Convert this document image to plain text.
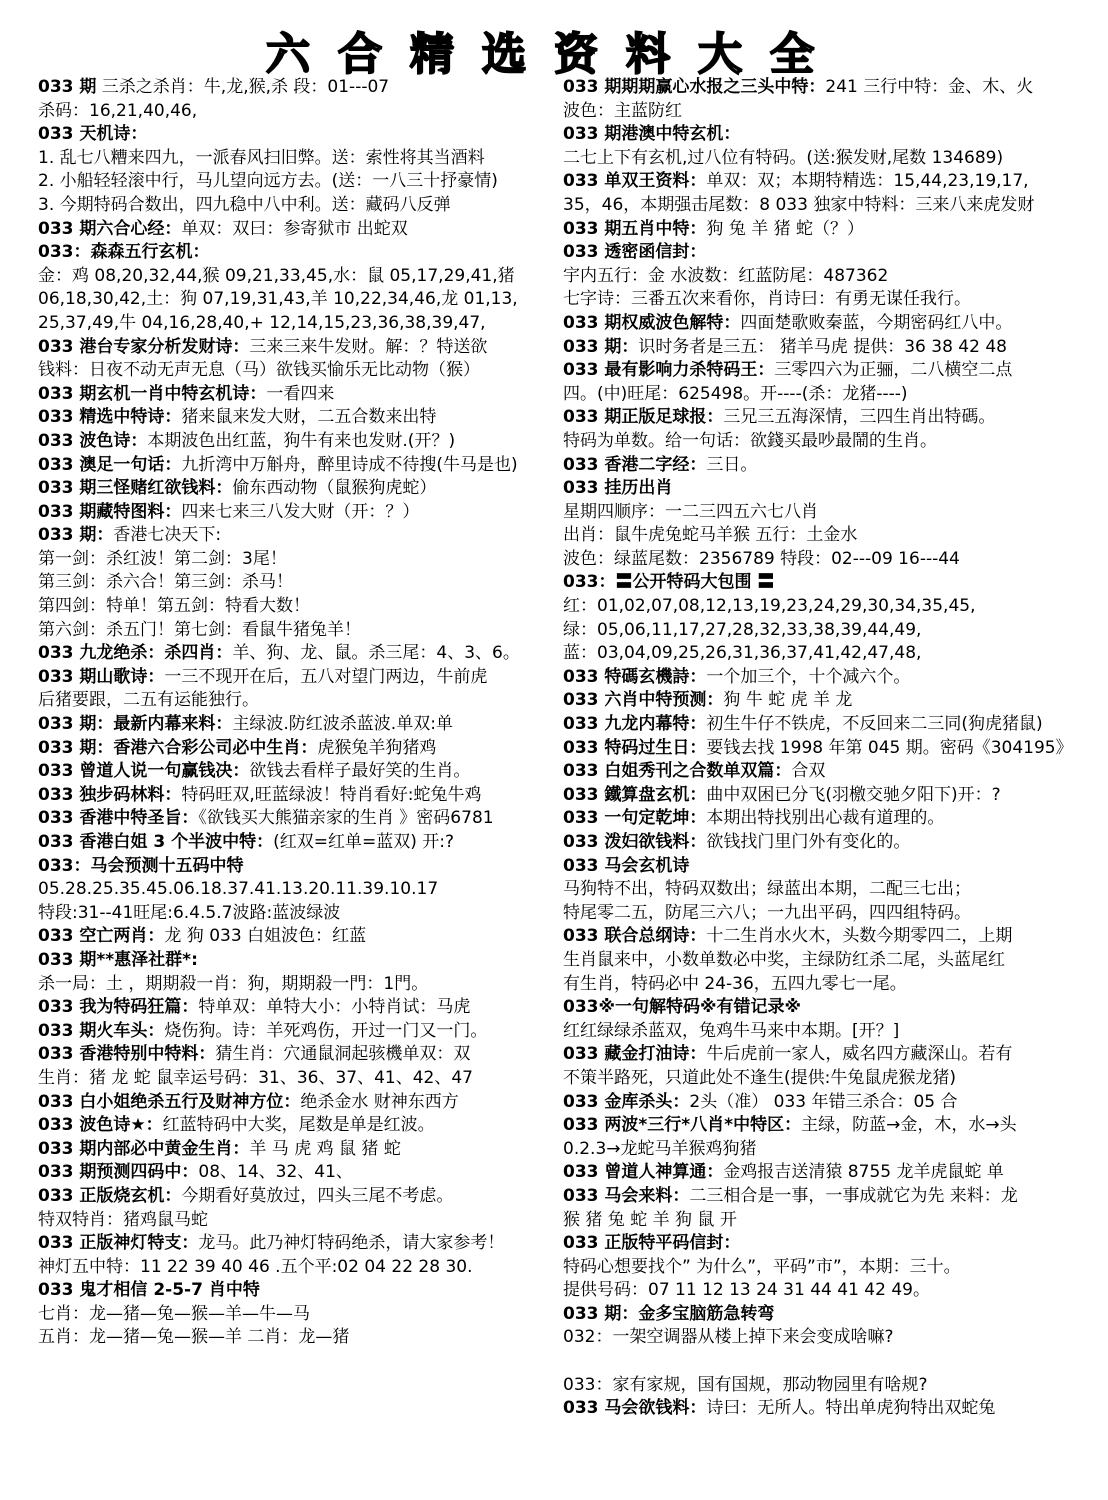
六合精选资料大全
033 期 三杀之杀肖：牛,龙,猴,杀 段：01---07
杀码：16,21,40,46,
033 天机诗：
1. 乱七八糟来四九，一派春风扫旧弊。送：索性将其当酒料
2. 小船轻轻滚中行，马儿望向远方去。(送：一八三十抒豪情)
3. 今期特码合数出，四九稳中八中利。送：藏码八反弹
033 期六合心经：单双：双曰：参寄狱市 出蛇双
033：森森五行玄机：
金：鸡 08,20,32,44,猴 09,21,33,45,水：鼠 05,17,29,41,猪
06,18,30,42,土：狗 07,19,31,43,羊 10,22,34,46,龙 01,13,
25,37,49,牛 04,16,28,40,+ 12,14,15,23,36,38,39,47,
033 港台专家分析发财诗：三来三来牛发财。解：？特送欲
钱料：日夜不动无声无息（马）欲钱买愉乐无比动物（猴）
033 期玄机一肖中特玄机诗：一看四来
033 精选中特诗：猪来鼠来发大财，二五合数来出特
033 波色诗：本期波色出红蓝，狗牛有来也发财.(开？)
033 澳足一句话：九折湾中万斛舟，醉里诗成不待搜(牛马是也)
033 期三怪赌红欲钱料：偷东西动物（鼠猴狗虎蛇）
033 期藏特图料：四来七来三八发大财（开：？）
033 期：香港七决天下:
第一剑：杀红波！第二剑：3尾！
第三剑：杀六合！第三剑：杀马！
第四剑：特单！第五剑：特看大数！
第六剑：杀五门！第七剑：看鼠牛猪兔羊！
033 九龙绝杀：杀四肖：羊、狗、龙、鼠。杀三尾：4、3、6。
033 期山歌诗：一三不现开在后，五八对望门两边，牛前虎
后猪要跟，二五有运能独行。
033 期：最新内幕来料：主绿波.防红波杀蓝波.单双:单
033 期：香港六合彩公司必中生肖：虎猴兔羊狗猪鸡
033 曾道人说一句赢钱决：欲钱去看样子最好笑的生肖。
033 独步码林料：特码旺双,旺蓝绿波！特肖看好:蛇兔牛鸡
033 香港中特圣旨：《欲钱买大熊猫亲家的生肖 》密码6781
033 香港白姐 3 个半波中特：(红双=红单=蓝双) 开:?
033：马会预测十五码中特
05.28.25.35.45.06.18.37.41.13.20.11.39.10.17
特段:31--41旺尾:6.4.5.7波路:蓝波绿波
033 空亡两肖：龙 狗 033 白姐波色：红蓝
033 期**惠泽社群*:
杀一局：土 ，期期殺一肖：狗，期期殺一門：1門。
033 我为特码狂篇：特单双：单特大小：小特肖试：马虎
033 期火车头：烧伤狗。诗：羊死鸡伤，开过一门又一门。
033 香港特别中特料：猜生肖：穴通鼠洞起骇機单双：双
生肖：猪 龙 蛇 鼠幸运号码：31、36、37、41、42、47
033 白小姐绝杀五行及财神方位：绝杀金水 财神东西方
033 波色诗★：红蓝特码中大奖，尾数是单是红波。
033 期内部必中黄金生肖：羊 马 虎 鸡 鼠 猪 蛇
033 期预测四码中：08、14、32、41、
033 正版烧玄机：今期看好莫放过，四头三尾不考虑。
特双特肖：猪鸡鼠马蛇
033 正版神灯特支：龙马。此乃神灯特码绝杀，请大家参考！
神灯五中特：11 22 39 40 46 .五个平:02 04 22 28 30.
033 鬼才相信 2-5-7 肖中特
七肖：龙—猪—兔—猴—羊—牛—马
五肖：龙—猪—兔—猴—羊 二肖：龙—猪
033 期期期赢心水报之三头中特：241 三行中特：金、木、火
波色：主蓝防红
033 期港澳中特玄机：
二七上下有玄机,过八位有特码。(送:猴发财,尾数 134689)
033 单双王资料：单双：双；本期特精选：15,44,23,19,17,
35，46，本期强击尾数：8 033 独家中特料：三来八来虎发财
033 期五肖中特：狗 兔 羊 猪 蛇（？）
033 透密函信封：
宇内五行：金 水波数：红蓝防尾：487362
七字诗：三番五次来看你，肖诗曰：有勇无谋任我行。
033 期权威波色解特：四面楚歌败秦蓝，今期密码红八中。
033 期：识时务者是三五： 猪羊马虎 提供：36 38 42 48
033 最有影响力杀特码王：三零四六为正骊，二八横空二点
四。(中)旺尾：625498。开----(杀：龙猪----)
033 期正版足球报：三兄三五海深情，三四生肖出特碼。
特码为单数。给一句话：欲錢买最吵最鬧的生肖。
033 香港二字经：三日。
033 挂历出肖
星期四顺序：一二三四五六七八肖
出肖：鼠牛虎兔蛇马羊猴 五行：土金水
波色：绿蓝尾数：2356789 特段：02---09 16---44
033：〓公开特码大包围 〓
红：01,02,07,08,12,13,19,23,24,29,30,34,35,45,
绿：05,06,11,17,27,28,32,33,38,39,44,49,
蓝：03,04,09,25,26,31,36,37,41,42,47,48,
033 特碼玄機詩：一个加三个，十个减六个。
033 六肖中特预测：狗 牛 蛇 虎 羊 龙
033 九龙内幕特：初生牛仔不铁虎，不反回来二三同(狗虎猪鼠)
033 特码过生日：要钱去找 1998 年第 045 期。密码《304195》
033 白姐秀刊之合数单双篇：合双
033 鐵算盘玄机：曲中双困已分飞(羽檄交驰夕阳下)开：?
033 一句定乾坤：本期出特找别出心裁有道理的。
033 泼妇欲钱料：欲钱找门里门外有变化的。
033 马会玄机诗
马狗特不出，特码双数出；绿蓝出本期，二配三七出；
特尾零二五，防尾三六八；一九出平码，四四组特码。
033 联合总纲诗：十二生肖水火木，头数今期零四二，上期
生肖鼠来中，小数单数必中奖，主绿防红杀二尾，头蓝尾红
有生肖，特码必中 24-36，五四九零七一尾。
033※一句解特码※有错记录※
红红绿绿杀蓝双，兔鸡牛马来中本期。[开？]
033 藏金打油诗：牛后虎前一家人，威名四方藏深山。若有
不策半路死，只道此处不逢生(提供:牛兔鼠虎猴龙猪)
033 金库杀头：2头（准） 033 年错三杀合：05 合
033 两波*三行*八肖*中特区：主绿，防蓝→金，木，水→头
0.2.3→龙蛇马羊猴鸡狗猪
033 曾道人神算通：金鸡报吉送清猿 8755 龙羊虎鼠蛇 单
033 马会来料：二三相合是一事，一事成就它为先 来料：龙
猴 猪 兔 蛇 羊 狗 鼠 开
033 正版特平码信封：
特码心想要找个” 为什么”，平码”市”，本期：三十。
提供号码：07 11 12 13 24 31 44 41 42 49。
033 期：金多宝脑筋急转弯
032：一架空调器从楼上掉下来会变成啥嘛?
033：家有家规，国有国规，那动物园里有啥规?
033 马会欲钱料：诗曰：无所人。特出单虎狗特出双蛇兔
